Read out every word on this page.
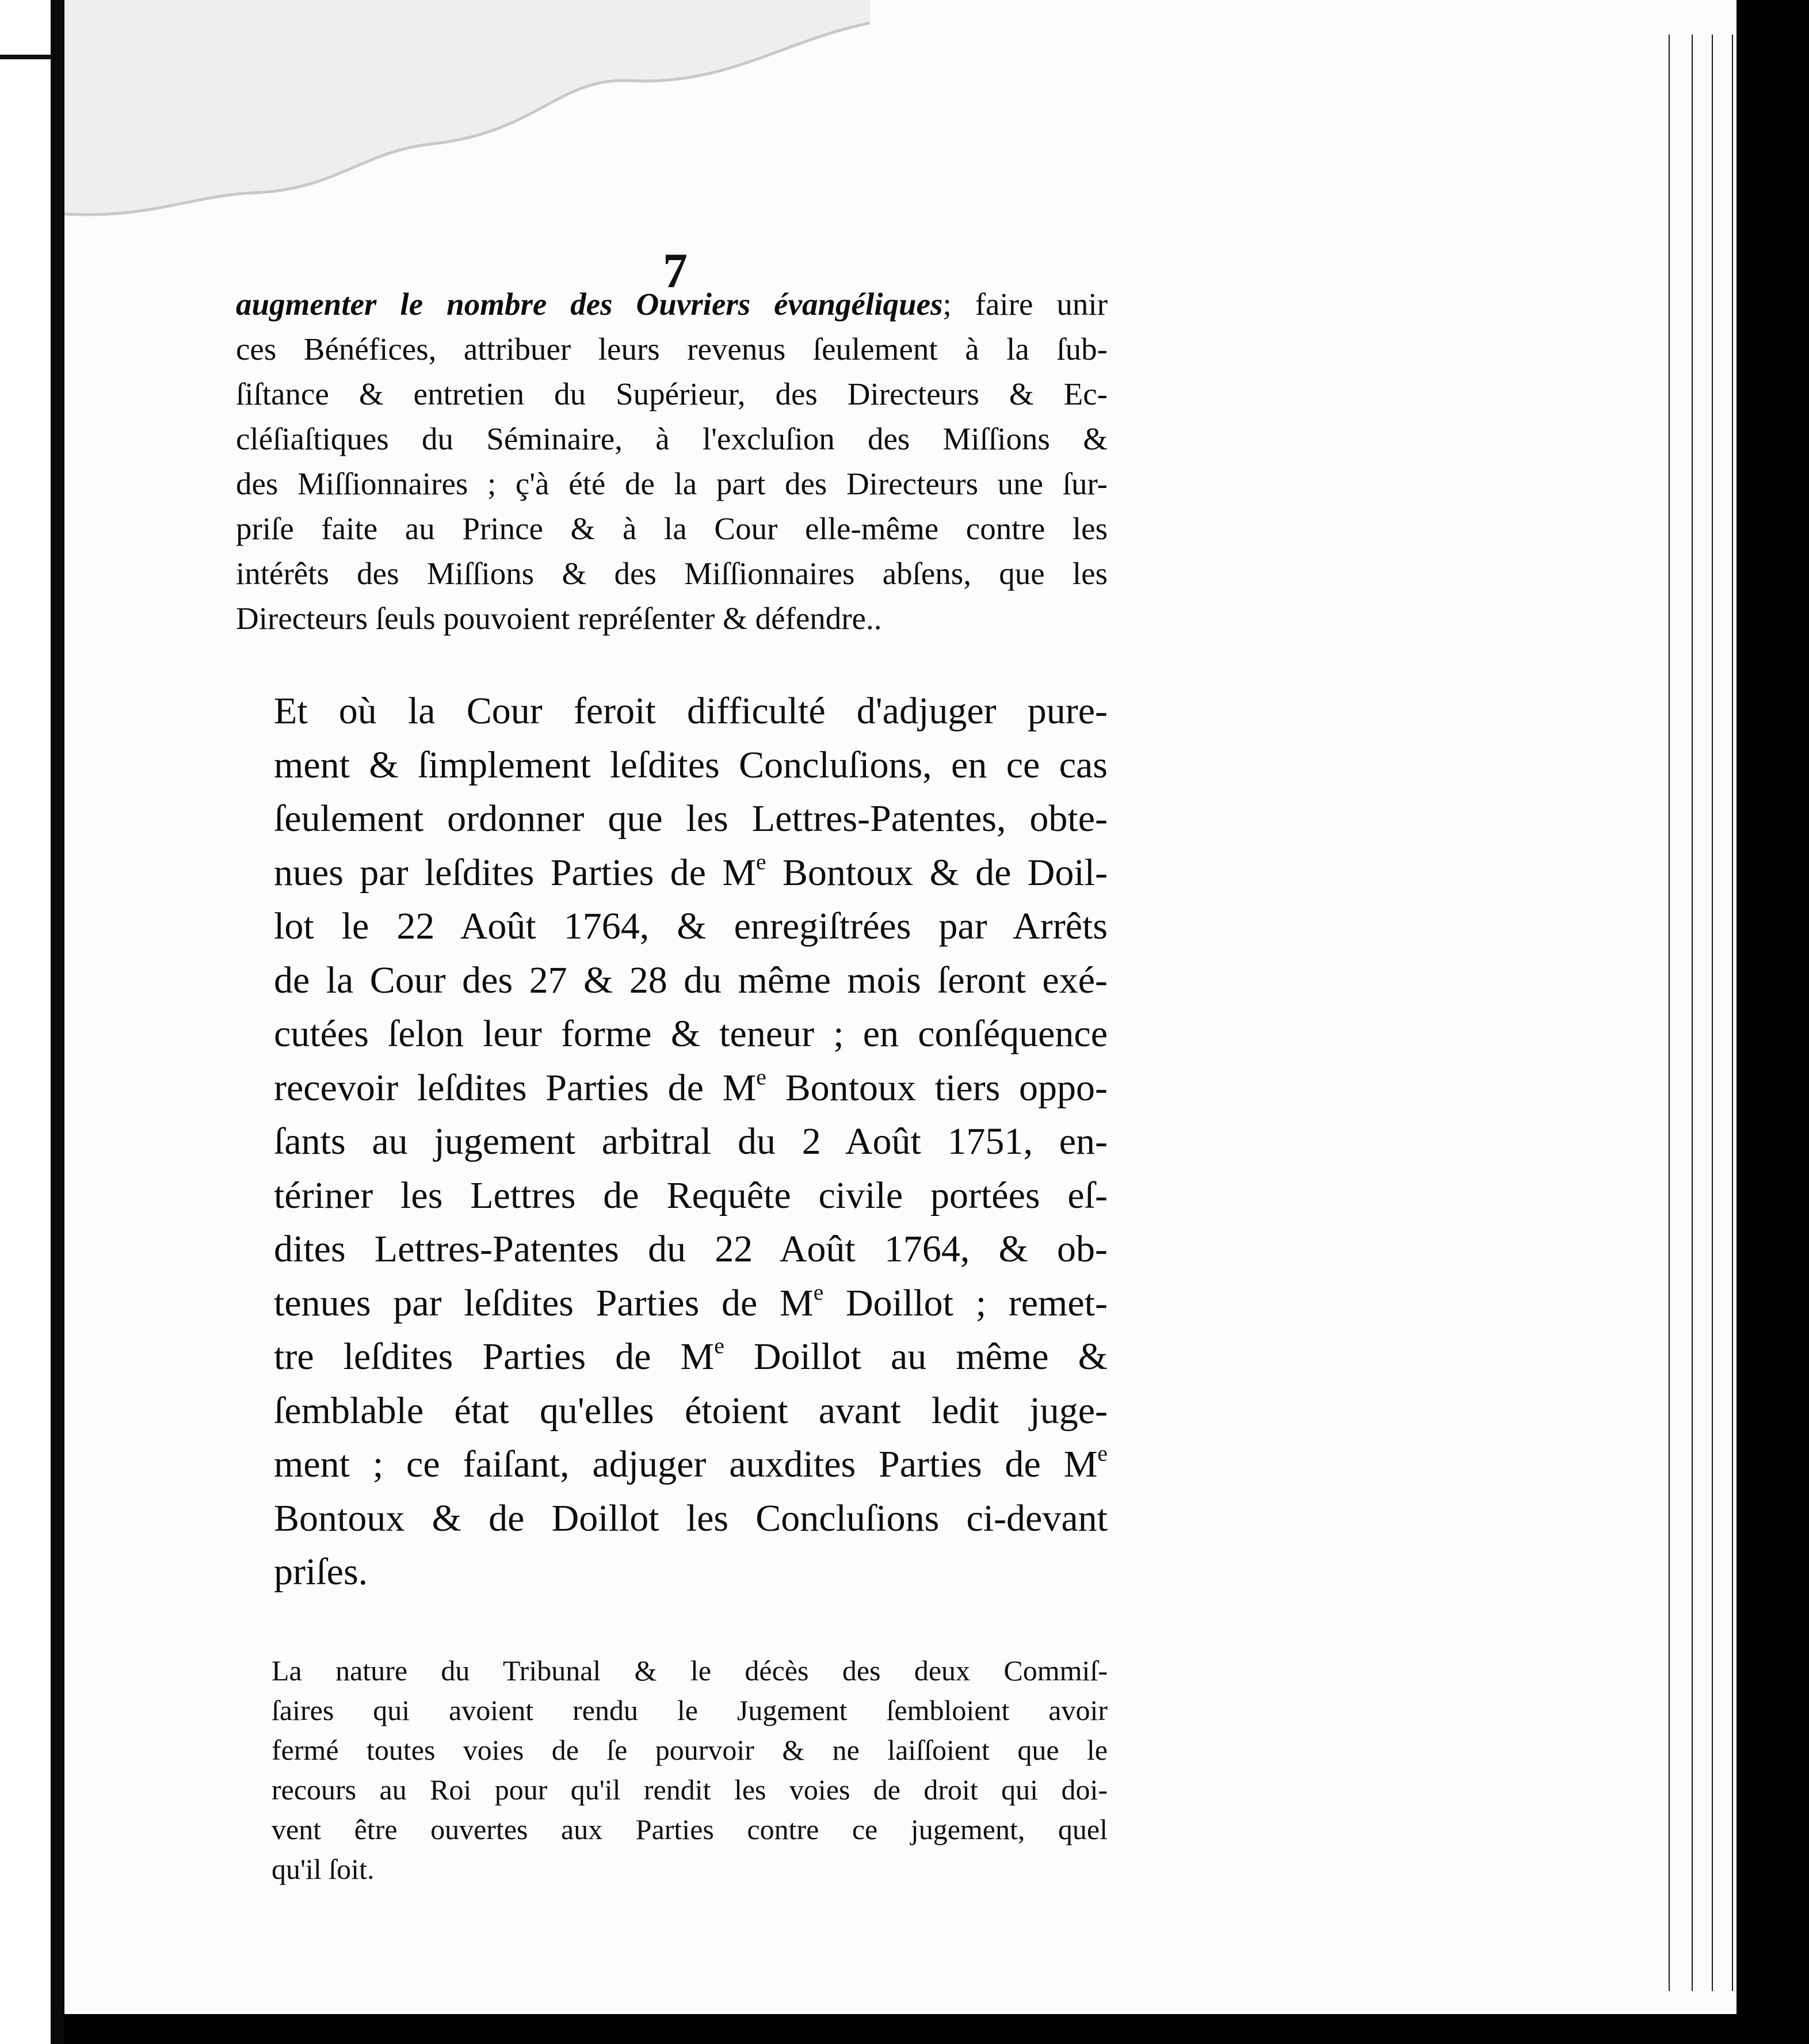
7

augmenter le nombre des Ouvriers évangéliques; faire unir
ces Bénéfices, attribuer leurs revenus ſeulement à la ſub-
ſiſtance & entretien du Supérieur, des Directeurs & Ec-
cléſiaſtiques du Séminaire, à l'excluſion des Miſſions &
des Miſſionnaires ; ç'à été de la part des Directeurs une ſur-
priſe faite au Prince & à la Cour elle-même contre les
intérêts des Miſſions & des Miſſionnaires abſens, que les
Directeurs ſeuls pouvoient repréſenter & défendre..

Et où la Cour feroit difficulté d'adjuger pure-
ment & ſimplement leſdites Concluſions, en ce cas
ſeulement ordonner que les Lettres-Patentes, obte-
nues par leſdites Parties de Me Bontoux & de Doil-
lot le 22 Août 1764, & enregiſtrées par Arrêts
de la Cour des 27 & 28 du même mois ſeront exé-
cutées ſelon leur forme & teneur ; en conſéquence
recevoir leſdites Parties de Me Bontoux tiers oppo-
ſants au jugement arbitral du 2 Août 1751, en-
tériner les Lettres de Requête civile portées eſ-
dites Lettres-Patentes du 22 Août 1764, & ob-
tenues par leſdites Parties de Me Doillot ; remet-
tre leſdites Parties de Me Doillot au même &
ſemblable état qu'elles étoient avant ledit juge-
ment ; ce faiſant, adjuger auxdites Parties de Me
Bontoux & de Doillot les Concluſions ci-devant
priſes.

La nature du Tribunal & le décès des deux Commiſ-
ſaires qui avoient rendu le Jugement ſembloient avoir
fermé toutes voies de ſe pourvoir & ne laiſſoient que le
recours au Roi pour qu'il rendit les voies de droit qui doi-
vent être ouvertes aux Parties contre ce jugement, quel
qu'il ſoit.
